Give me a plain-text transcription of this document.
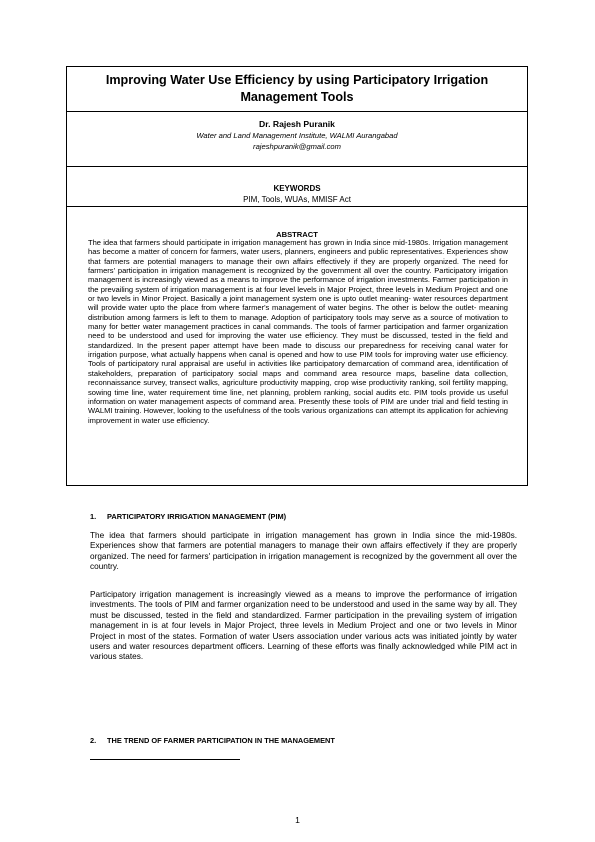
Improving Water Use Efficiency by using Participatory Irrigation Management Tools
Dr. Rajesh Puranik
Water and Land Management Institute, WALMI Aurangabad
rajeshpuranik@gmail.com
KEYWORDS
PIM, Tools, WUAs, MMISF Act
ABSTRACT

The idea that farmers should participate in irrigation management has grown in India since mid-1980s. Irrigation management has become a matter of concern for farmers, water users, planners, engineers and public representatives. Experiences show that farmers are potential managers to manage their own affairs effectively if they are properly organized. The need for farmers' participation in irrigation management is recognized by the government all over the country. Participatory irrigation management is increasingly viewed as a means to improve the performance of irrigation investments. Farmer participation in the prevailing system of irrigation management is at four level levels in Major Project, three levels in Medium Project and one or two levels in Minor Project. Basically a joint management system one is upto outlet meaning- water resources department will provide water upto the place from where farmer's management of water begins. The other is below the outlet- meaning distribution among farmers is left to them to manage. Adoption of participatory tools may serve as a source of motivation to many for better water management practices in canal commands. The tools of farmer participation and farmer organization need to be understood and used for improving the water use efficiency. They must be discussed, tested in the field and standardized. In the present paper attempt have been made to discuss our preparedness for receiving canal water for irrigation purpose, what actually happens when canal is opened and how to use PIM tools for improving water use efficiency. Tools of participatory rural appraisal are useful in activities like participatory demarcation of command area, identification of stakeholders, preparation of participatory social maps and command area resource maps, baseline data collection, reconnaissance survey, transect walks, agriculture productivity mapping, crop wise productivity ranking, soil fertility mapping, sowing time line, water requirement time line, net planning, problem ranking, social audits etc. PIM tools provide us useful information on water management aspects of command area. Presently these tools of PIM are under trial and field testing in WALMI training. However, looking to the usefulness of the tools various organizations can attempt its application for achieving improvement in water use efficiency.

1. PARTICIPATORY IRRIGATION MANAGEMENT (PIM)

The idea that farmers should participate in irrigation management has grown in India since the mid-1980s. Experiences show that farmers are potential managers to manage their own affairs effectively if they are properly organized. The need for farmers' participation in irrigation management is recognized by the government all over the country.

Participatory irrigation management is increasingly viewed as a means to improve the performance of irrigation investments. The tools of PIM and farmer organization need to be understood and used in the same way by all. They must be discussed, tested in the field and standardized. Farmer participation in the prevailing system of irrigation management in is at four levels in Major Project, three levels in Medium Project and one or two levels in Minor Project in most of the states. Formation of water Users association under various acts was initiated jointly by water users and water resources department officers. Learning of these efforts was finally acknowledged while PIM act in various states.

2. THE TREND OF FARMER PARTICIPATION IN THE MANAGEMENT
1
